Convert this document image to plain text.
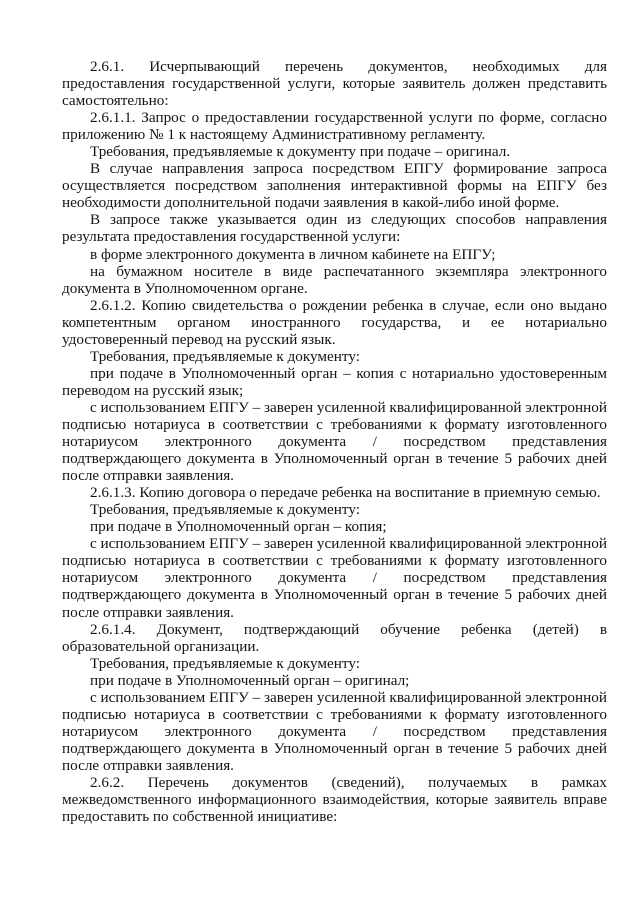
2.6.1. Исчерпывающий перечень документов, необходимых для предоставления государственной услуги, которые заявитель должен представить самостоятельно:

2.6.1.1. Запрос о предоставлении государственной услуги по форме, согласно приложению № 1 к настоящему Административному регламенту.

Требования, предъявляемые к документу при подаче – оригинал.

В случае направления запроса посредством ЕПГУ формирование запроса осуществляется посредством заполнения интерактивной формы на ЕПГУ без необходимости дополнительной подачи заявления в какой-либо иной форме.

В запросе также указывается один из следующих способов направления результата предоставления государственной услуги:

в форме электронного документа в личном кабинете на ЕПГУ;

на бумажном носителе в виде распечатанного экземпляра электронного документа в Уполномоченном органе.

2.6.1.2. Копию свидетельства о рождении ребенка в случае, если оно выдано компетентным органом иностранного государства, и ее нотариально удостоверенный перевод на русский язык.

Требования, предъявляемые к документу:

при подаче в Уполномоченный орган – копия с нотариально удостоверенным переводом на русский язык;

с использованием ЕПГУ – заверен усиленной квалифицированной электронной подписью нотариуса в соответствии с требованиями к формату изготовленного нотариусом электронного документа / посредством представления подтверждающего документа в Уполномоченный орган в течение 5 рабочих дней после отправки заявления.

2.6.1.3. Копию договора о передаче ребенка на воспитание в приемную семью.

Требования, предъявляемые к документу:

при подаче в Уполномоченный орган – копия;

с использованием ЕПГУ – заверен усиленной квалифицированной электронной подписью нотариуса в соответствии с требованиями к формату изготовленного нотариусом электронного документа / посредством представления подтверждающего документа в Уполномоченный орган в течение 5 рабочих дней после отправки заявления.

2.6.1.4. Документ, подтверждающий обучение ребенка (детей) в образовательной организации.

Требования, предъявляемые к документу:

при подаче в Уполномоченный орган – оригинал;

с использованием ЕПГУ – заверен усиленной квалифицированной электронной подписью нотариуса в соответствии с требованиями к формату изготовленного нотариусом электронного документа / посредством представления подтверждающего документа в Уполномоченный орган в течение 5 рабочих дней после отправки заявления.

2.6.2. Перечень документов (сведений), получаемых в рамках межведомственного информационного взаимодействия, которые заявитель вправе предоставить по собственной инициативе:
